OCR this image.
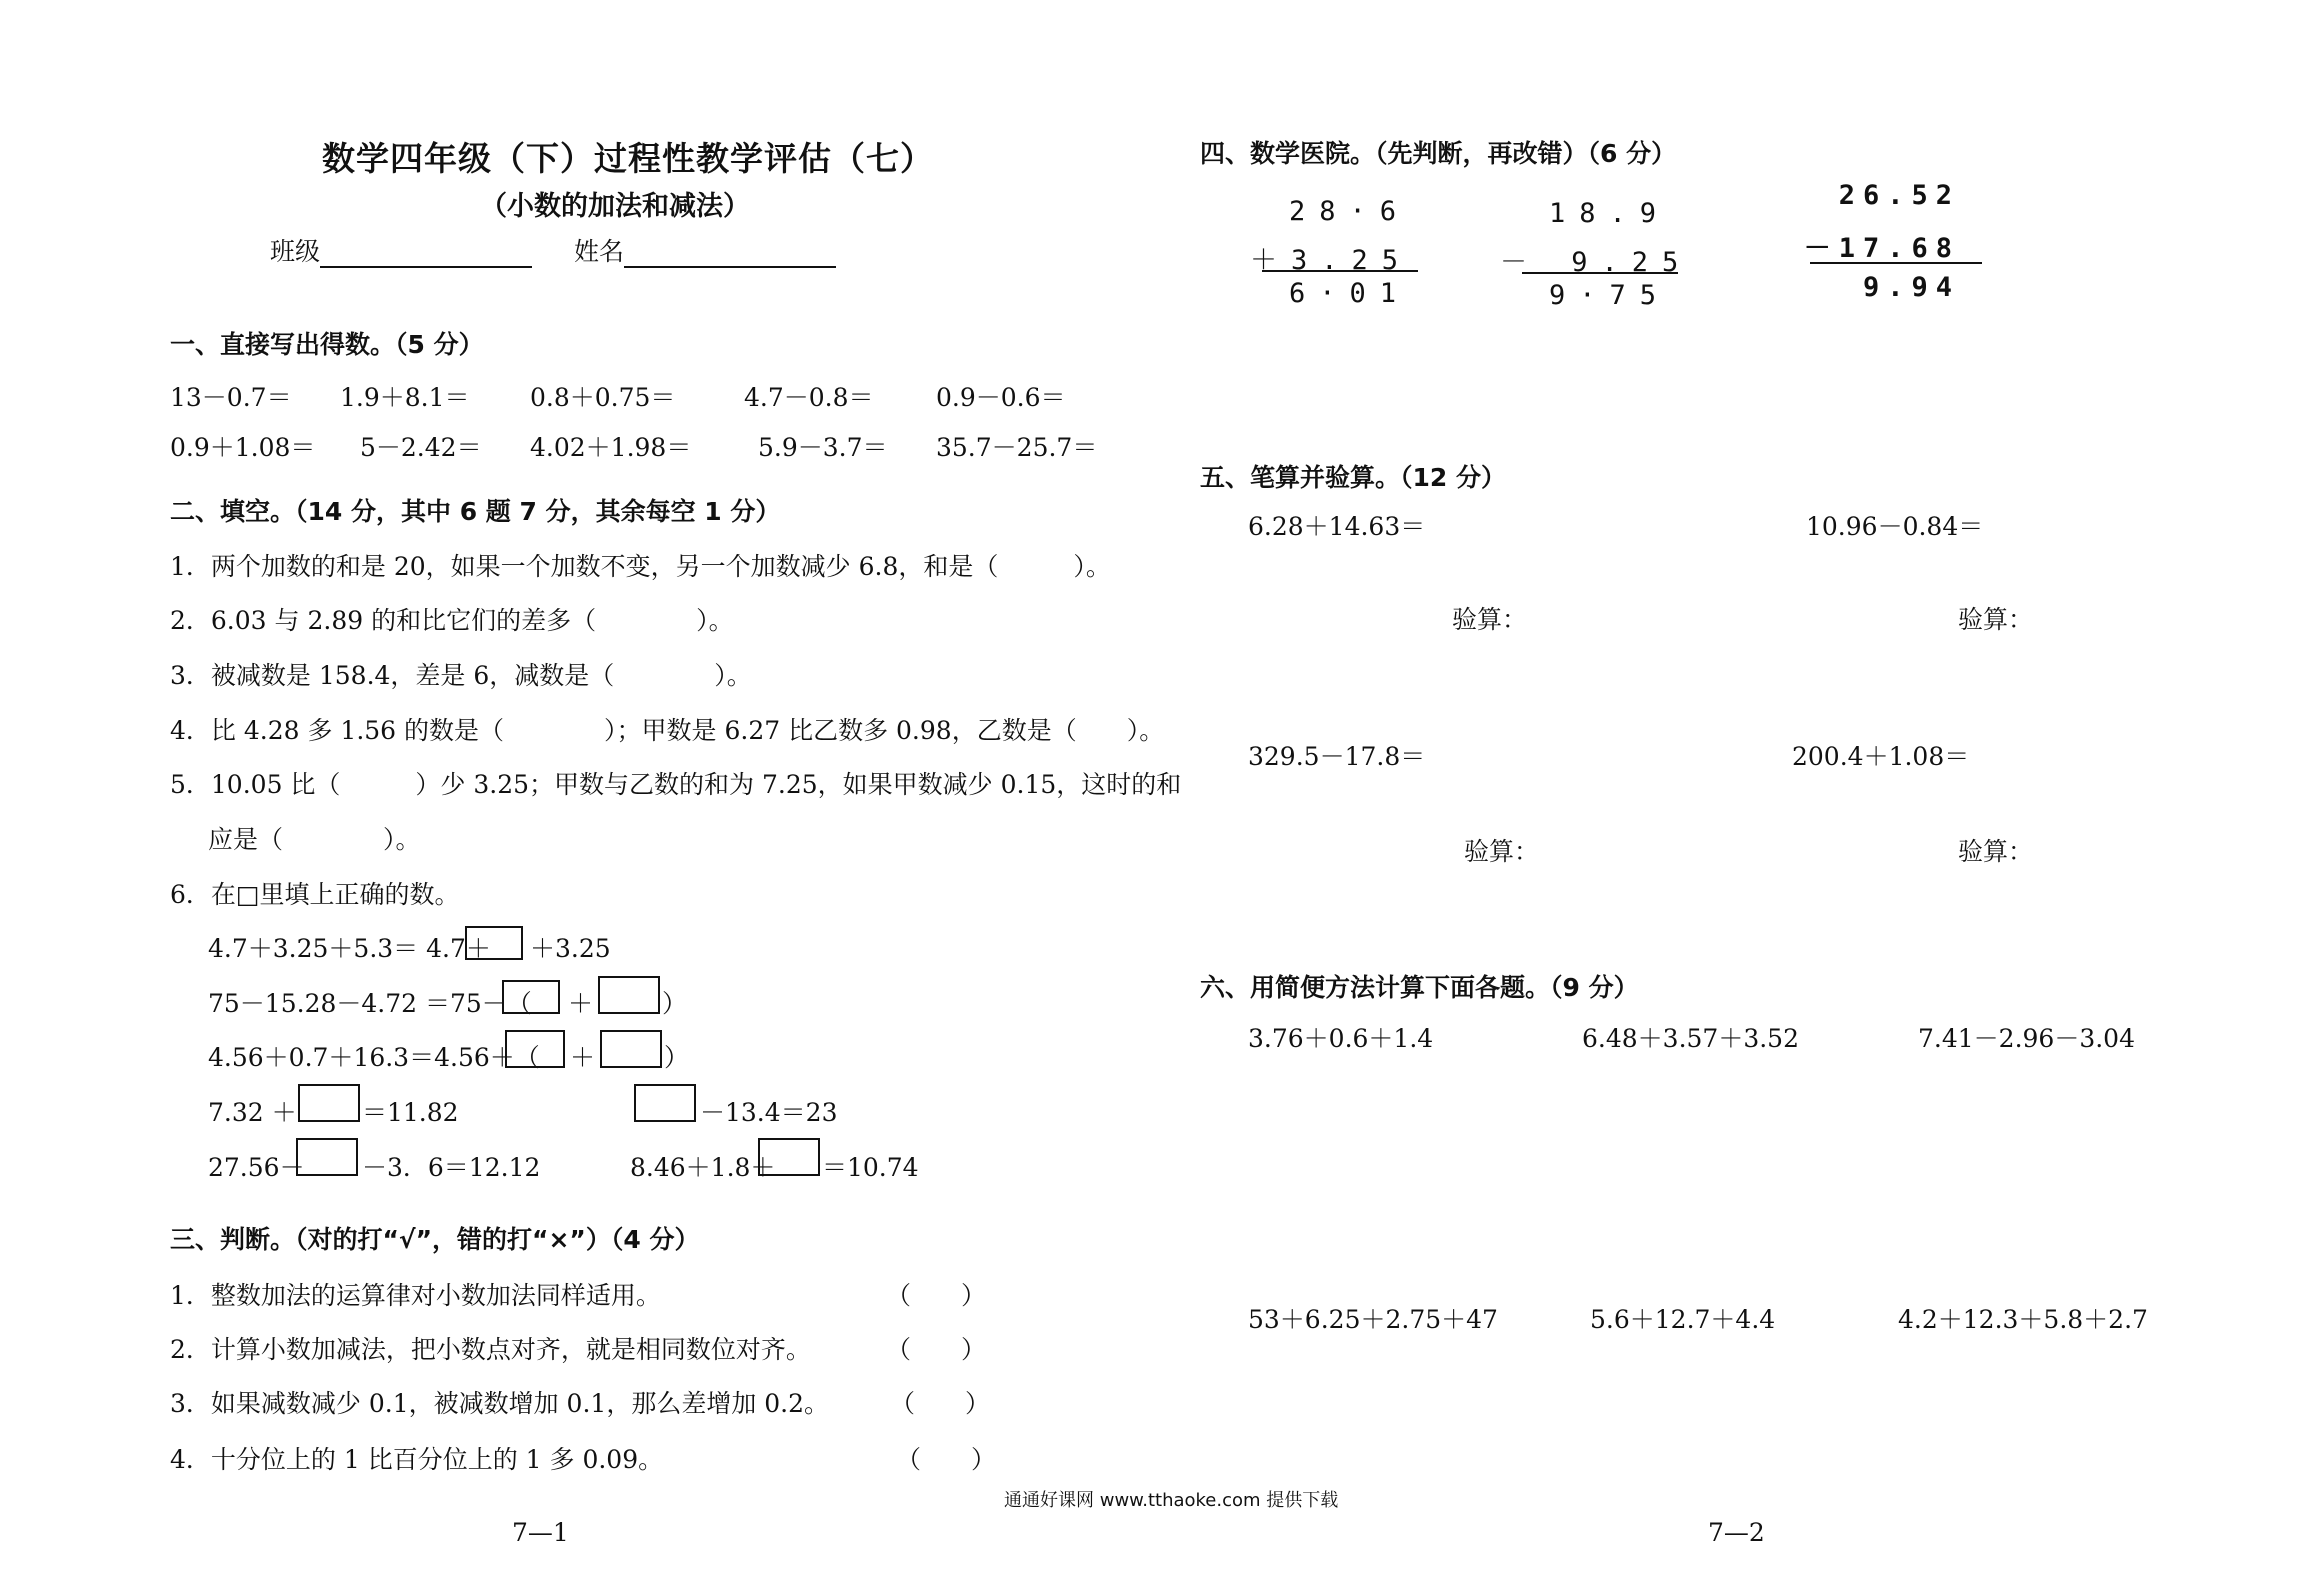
数学四年级（下）过程性教学评估（七）
（小数的加法和减法）
班级	姓名
一、直接写出得数。（5 分）
13－0.7＝ 1.9＋8.1＝ 0.8＋0.75＝	4.7－0.8＝ 0.9－0.6＝
0.9＋1.08＝ 5－2.42＝ 4.02＋1.98＝	5.9－3.7＝ 35.7－25.7＝
二、填空。（14 分，其中 6 题 7 分，其余每空 1 分）
1．两个加数的和是 20，如果一个加数不变，另一个加数减少 6.8，和是（　　　）。
2．6.03 与 2.89 的和比它们的差多（　　　　）。
3．被减数是 158.4，差是 6，减数是（　　　　）。
4．比 4.28 多 1.56 的数是（　　　　）；甲数是 6.27 比乙数多 0.98，乙数是（　　）。
5．10.05 比（　　　）少 3.25；甲数与乙数的和为 7.25，如果甲数减少 0.15，这时的和
应是（　　　　）。
6．在□里填上正确的数。
4.7＋3.25＋5.3＝ 4.7＋ ＋3.25
75－15.28－4.72 ＝75－（ ＋	）
4.56＋0.7＋16.3＝4.56＋（ ＋	）
7.32 ＋	＝11.82	－13.4＝23
27.56－ －3．6＝12.12	8.46＋1.8＋ ＝10.74
三、判断。（对的打“√”，错的打“×”）（4 分）
1．整数加法的运算律对小数加法同样适用。	（　　）
2．计算小数加减法，把小数点对齐，就是相同数位对齐。	（　　）
3．如果减数减少 0.1，被减数增加 0.1，那么差增加 0.2。 （　　）
4．十分位上的 1 比百分位上的 1 多 0.09。	（　　）
7—1
四、数学医院。（先判断，再改错）（6 分）
28·6
＋3.25
6·01
18.9
－ 9.25
9·75
26.52
－17.68
9.94
五、笔算并验算。（12 分）
6.28＋14.63＝	10.96－0.84＝
验算：	验算：
329.5－17.8＝	200.4＋1.08＝
验算：	验算：
六、用简便方法计算下面各题。（9 分）
3.76＋0.6＋1.4	6.48＋3.57＋3.52	7.41－2.96－3.04
53＋6.25＋2.75＋47	5.6＋12.7＋4.4	4.2＋12.3＋5.8＋2.7
通通好课网 www.tthaoke.com 提供下载
7—2
